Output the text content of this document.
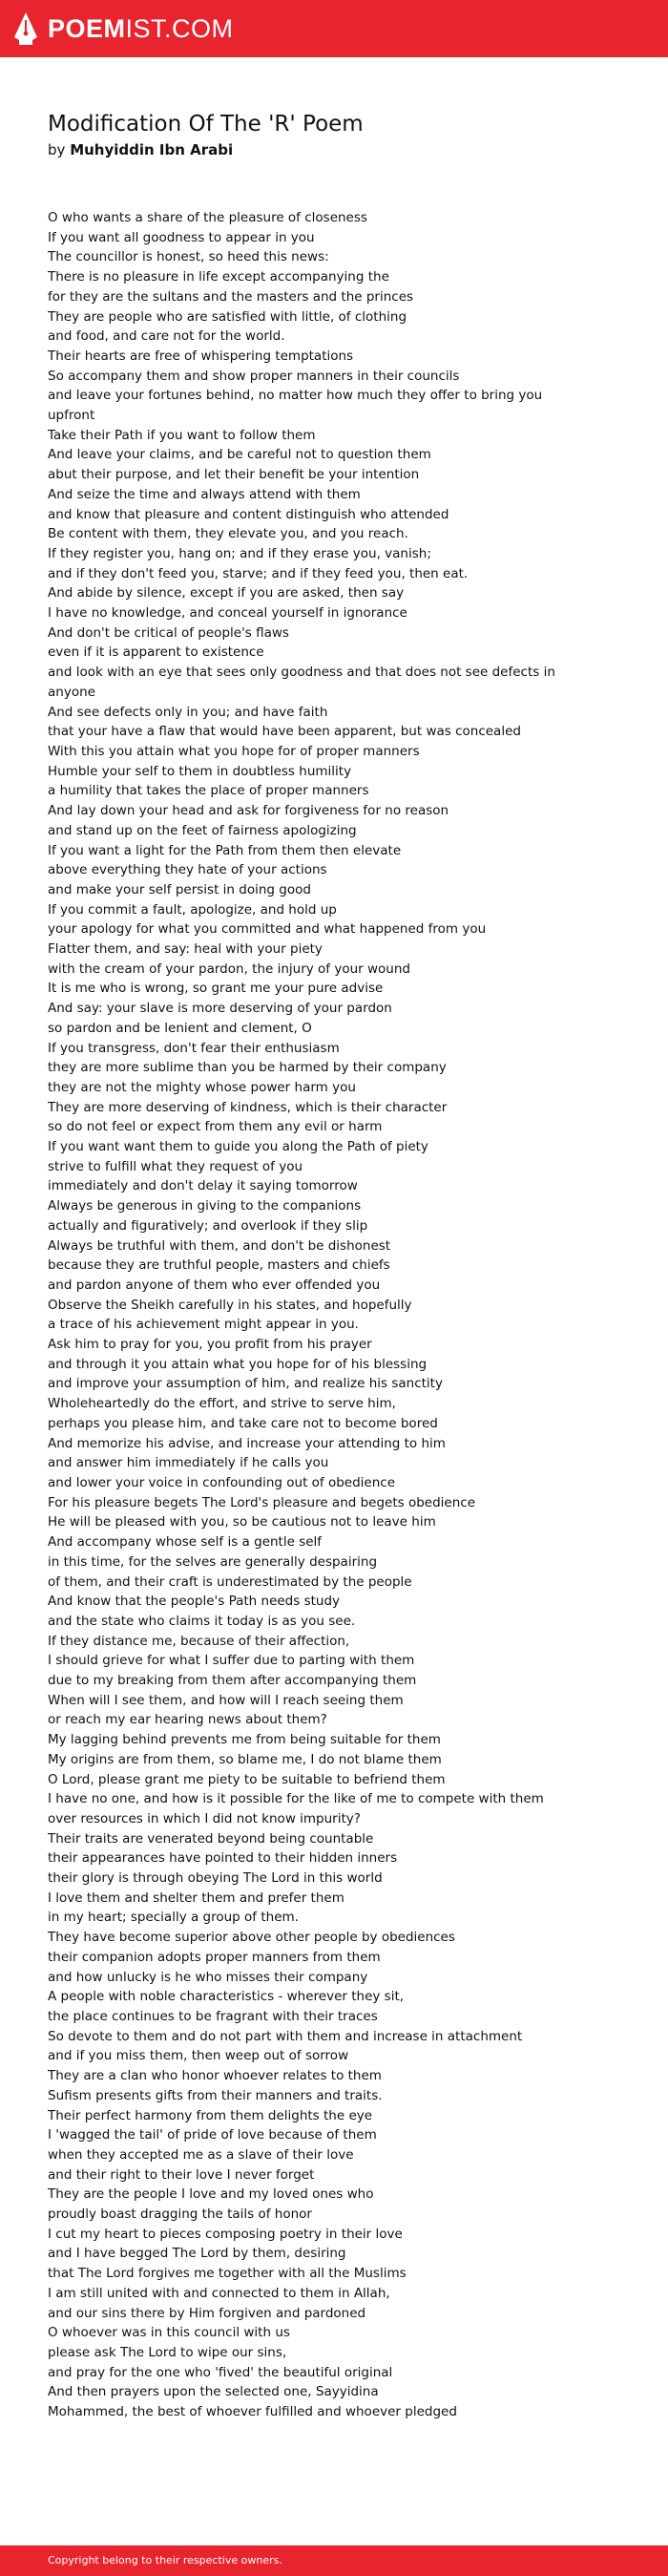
POEMIST.COM
Modification Of The 'R' Poem
by Muhyiddin Ibn Arabi
O who wants a share of the pleasure of closeness
If you want all goodness to appear in you
The councillor is honest, so heed this news:
There is no pleasure in life except accompanying the
for they are the sultans and the masters and the princes
They are people who are satisfied with little, of clothing
and food, and care not for the world.
Their hearts are free of whispering temptations
So accompany them and show proper manners in their councils
and leave your fortunes behind, no matter how much they offer to bring you upfront
Take their Path if you want to follow them
And leave your claims, and be careful not to question them
abut their purpose, and let their benefit be your intention
And seize the time and always attend with them
and know that pleasure and content distinguish who attended
Be content with them, they elevate you, and you reach.
If they register you, hang on; and if they erase you, vanish;
and if they don't feed you, starve; and if they feed you, then eat.
And abide by silence, except if you are asked, then say
I have no knowledge, and conceal yourself in ignorance
And don't be critical of people's flaws
even if it is apparent to existence
and look with an eye that sees only goodness and that does not see defects in anyone
And see defects only in you; and have faith
that your have a flaw that would have been apparent, but was concealed
With this you attain what you hope for of proper manners
Humble your self to them in doubtless humility
a humility that takes the place of proper manners
And lay down your head and ask for forgiveness for no reason
and stand up on the feet of fairness apologizing
If you want a light for the Path from them then elevate
above everything they hate of your actions
and make your self persist in doing good
If you commit a fault, apologize, and hold up
your apology for what you committed and what happened from you
Flatter them, and say: heal with your piety
with the cream of your pardon, the injury of your wound
It is me who is wrong, so grant me your pure advise
And say: your slave is more deserving of your pardon
so pardon and be lenient and clement, O
If you transgress, don't fear their enthusiasm
they are more sublime than you be harmed by their company
they are not the mighty whose power harm you
They are more deserving of kindness, which is their character
so do not feel or expect from them any evil or harm
If you want want them to guide you along the Path of piety
strive to fulfill what they request of you
immediately and don't delay it saying tomorrow
Always be generous in giving to the companions
actually and figuratively; and overlook if they slip
Always be truthful with them, and don't be dishonest
because they are truthful people, masters and chiefs
and pardon anyone of them who ever offended you
Observe the Sheikh carefully in his states, and hopefully
a trace of his achievement might appear in you.
Ask him to pray for you, you profit from his prayer
and through it you attain what you hope for of his blessing
and improve your assumption of him, and realize his sanctity
Wholeheartedly do the effort, and strive to serve him,
perhaps you please him, and take care not to become bored
And memorize his advise, and increase your attending to him
and answer him immediately if he calls you
and lower your voice in confounding out of obedience
For his pleasure begets The Lord's pleasure and begets obedience
He will be pleased with you, so be cautious not to leave him
And accompany whose self is a gentle self
in this time, for the selves are generally despairing
of them, and their craft is underestimated by the people
And know that the people's Path needs study
and the state who claims it today is as you see.
If they distance me, because of their affection,
I should grieve for what I suffer due to parting with them
due to my breaking from them after accompanying them
When will I see them, and how will I reach seeing them
or reach my ear hearing news about them?
My lagging behind prevents me from being suitable for them
My origins are from them, so blame me, I do not blame them
O Lord, please grant me piety to be suitable to befriend them
I have no one, and how is it possible for the like of me to compete with them
over resources in which I did not know impurity?
Their traits are venerated beyond being countable
their appearances have pointed to their hidden inners
their glory is through obeying The Lord in this world
I love them and shelter them and prefer them
in my heart; specially a group of them.
They have become superior above other people by obediences
their companion adopts proper manners from them
and how unlucky is he who misses their company
A people with noble characteristics - wherever they sit,
the place continues to be fragrant with their traces
So devote to them and do not part with them and increase in attachment
and if you miss them, then weep out of sorrow
They are a clan who honor whoever relates to them
Sufism presents gifts from their manners and traits.
Their perfect harmony from them delights the eye
I 'wagged the tail' of pride of love because of them
when they accepted me as a slave of their love
and their right to their love I never forget
They are the people I love and my loved ones who
proudly boast dragging the tails of honor
I cut my heart to pieces composing poetry in their love
and I have begged The Lord by them, desiring
that The Lord forgives me together with all the Muslims
I am still united with and connected to them in Allah,
and our sins there by Him forgiven and pardoned
O whoever was in this council with us
please ask The Lord to wipe our sins,
and pray for the one who 'fived' the beautiful original
And then prayers upon the selected one, Sayyidina
Mohammed, the best of whoever fulfilled and whoever pledged
Copyright belong to their respective owners.
